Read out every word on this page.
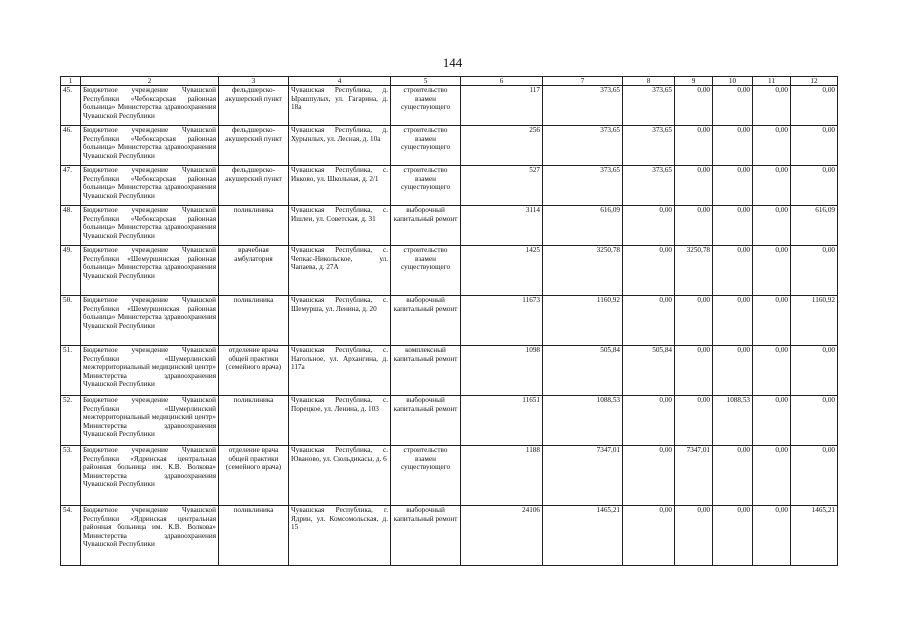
144
1	2	3	4	5	6	7	8	9	10	11	12
45.	Бюджетное учреждение Чувашской Республики «Чебоксарская районная больница» Министерства здравоохранения Чувашской Республики	фельдшерско-акушерский пункт	Чувашская Республика, д. Ырашпулых, ул. Гагарина, д. 18а	строительство взамен существующего	117	373,65	373,65	0,00	0,00	0,00	0,00
46.	Бюджетное учреждение Чувашской Республики «Чебоксарская районная больница» Министерства здравоохранения Чувашской Республики	фельдшерско-акушерский пункт	Чувашская Республика, д. Хурынлых, ул. Лесная, д. 10а	строительство взамен существующего	256	373,65	373,65	0,00	0,00	0,00	0,00
47.	Бюджетное учреждение Чувашской Республики «Чебоксарская районная больница» Министерства здравоохранения Чувашской Республики	фельдшерско-акушерский пункт	Чувашская Республика, с. Икково, ул. Школьная, д. 2/1	строительство взамен существующего	527	373,65	373,65	0,00	0,00	0,00	0,00
48.	Бюджетное учреждение Чувашской Республики «Чебоксарская районная больница» Министерства здравоохранения Чувашской Республики	поликлиника	Чувашская Республика, с. Ишлеи, ул. Советская, д. 31	выборочный капитальный ремонт	3114	616,09	0,00	0,00	0,00	0,00	616,09
49.	Бюджетное учреждение Чувашской Республики «Шемуршинская районная больница» Министерства здравоохранения Чувашской Республики	врачебная амбулатория	Чувашская Республика, с. Чепкас-Никольское, ул. Чапаева, д. 27А	строительство взамен существующего	1425	3250,78	0,00	3250,78	0,00	0,00	0,00
50.	Бюджетное учреждение Чувашской Республики «Шемуршинская районная больница» Министерства здравоохранения Чувашской Республики	поликлиника	Чувашская Республика, с. Шемурша, ул. Ленина, д. 20	выборочный капитальный ремонт	11673	1160,92	0,00	0,00	0,00	0,00	1160,92
51.	Бюджетное учреждение Чувашской Республики «Шумерлинский межтерриториальный медицинский центр» Министерства здравоохранения Чувашской Республики	отделение врача общей практики (семейного врача)	Чувашская Республика, с. Нагольное, ул. Архангина, д. 117а	комплексный капитальный ремонт	1098	505,84	505,84	0,00	0,00	0,00	0,00
52.	Бюджетное учреждение Чувашской Республики «Шумерлинский межтерриториальный медицинский центр» Министерства здравоохранения Чувашской Республики	поликлиника	Чувашская Республика, с. Порецкое, ул. Ленина, д. 103	выборочный капитальный ремонт	11651	1088,53	0,00	0,00	1088,53	0,00	0,00
53.	Бюджетное учреждение Чувашской Республики «Ядринская центральная районная больница им. К.В. Волкова» Министерства здравоохранения Чувашской Республики	отделение врача общей практики (семейного врача)	Чувашская Республика, с. Юваново, ул. Сюльдикасы, д. 6	строительство взамен существующего	1188	7347,01	0,00	7347,01	0,00	0,00	0,00
54.	Бюджетное учреждение Чувашской Республики «Ядринская центральная районная больница им. К.В. Волкова» Министерства здравоохранения Чувашской Республики	поликлиника	Чувашская Республика, г. Ядрин, ул. Комсомольская, д. 15	выборочный капитальный ремонт	24106	1465,21	0,00	0,00	0,00	0,00	1465,21
